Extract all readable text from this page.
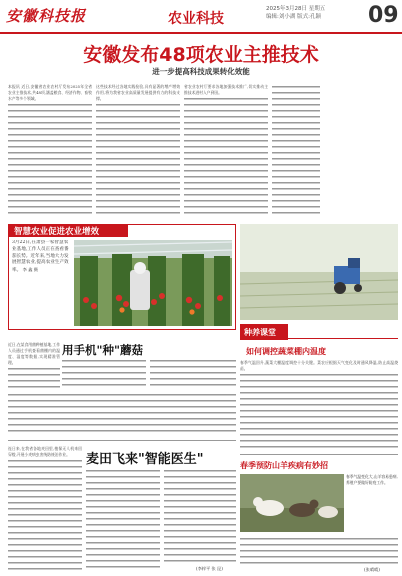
安徽科技报	农业科技
2025年3月28日 星期五
编辑:刘小湖 版式:孔颖 09
安徽发布48项农业主推技术
进一步提高科技成果转化效能
本报讯 近日,安徽省农业农村厅发布2025年全省农业主推技术,共48项,涵盖粮食、经济作物、畜牧水产等多个领域。
这些技术经过各地实践检验,具有显著的增产增效作用,将为我省农业高质量发展提供有力的科技支撑。
省农业农村厅要求各地加强技术推广,切实推动主推技术进村入户到田。
智慧农业促进农业增效
3月22日,在萧县一家智慧农业基地,工作人员正在查看番茄长势。近年来,当地大力发展智慧农业,提高农业生产效率。 李 鑫 摄
近日,在某食用菌种植基地,工作人员通过手机查看菌棚内的温度、湿度等数据,实现精准管理。
用手机"种"蘑菇
麦田飞来"智能医生"
连日来,在我省各地麦田里,植保无人机来回穿梭,开展小麦病虫害统防统治作业。
(李梓平 张 昆)
种养课堂
如何调控蔬菜棚内温度
春季气温回升,蔬菜大棚温度调控十分关键。菜农应根据天气变化及时通风降温,防止高温烧苗。
春季预防山羊疾病有妙招
春季气温变化大,山羊容易患病,养殖户要做好防疫工作。
(张晴晴)
